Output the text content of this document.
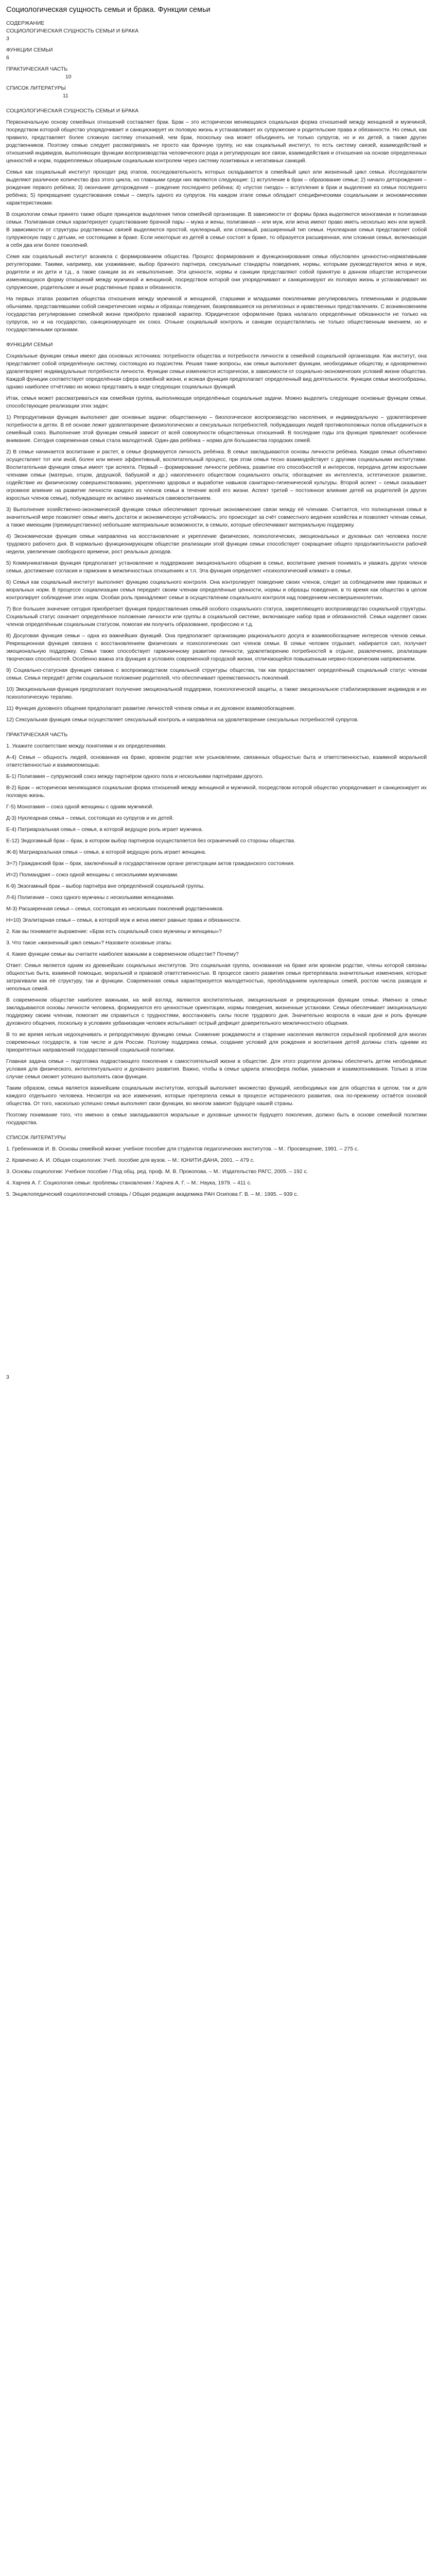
Социологическая сущность семьи и брака. Функции семьи

СОДЕРЖАНИЕ

СОЦИОЛОГИЧЕСКАЯ СУЩНОСТЬ СЕМЬИ И БРАКА

3

ФУНКЦИИ СЕМЬИ

6

ПРАКТИЧЕСКАЯ ЧАСТЬ

10

СПИСОК ЛИТЕРАТУРЫ

11

СОЦИОЛОГИЧЕСКАЯ СУЩНОСТЬ СЕМЬИ И БРАКА

Первоначальную основу семейных отношений составляет брак. Брак – это исторически меняющаяся социальная форма отношений между женщиной и мужчиной, посредством которой общество упорядочивает и санкционирует их половую жизнь и устанавливает их супружеские и родительские права и обязанности. Но семья, как правило, представляет более сложную систему отношений, чем брак, поскольку она может объединять не только супругов, но и их детей, а также других родственников. Поэтому семью следует рассматривать не просто как брачную группу, но как социальный институт, то есть систему связей, взаимодействий и отношений индивидов, выполняющих функции воспроизводства человеческого рода и регулирующих все связи, взаимодействия и отношения на основе определенных ценностей и норм, подкрепляемых обширным социальным контролем через систему позитивных и негативных санкций.

Семья как социальный институт проходит ряд этапов, последовательность которых складывается в семейный цикл или жизненный цикл семьи. Исследователи выделяют различное количество фаз этого цикла, но главными среди них являются следующие: 1) вступление в брак – образование семьи; 2) начало деторождения – рождение первого ребёнка; 3) окончание деторождения – рождение последнего ребёнка; 4) «пустое гнездо» – вступление в брак и выделение из семьи последнего ребёнка; 5) прекращение существования семьи – смерть одного из супругов. На каждом этапе семья обладает специфическими социальными и экономическими характеристиками.

В социологии семьи принято также общее принципов выделения типов семейной организации. В зависимости от формы брака выделяются моногамная и полигамная семьи. Полигамная семья характеризует существование брачной пары – мужа и жены, полигамная – или муж, или жена имеют право иметь несколько жен или мужей. В зависимости от структуры родственных связей выделяются простой, нуклеарный, или сложный, расширенный тип семьи. Нуклеарная семья представляет собой супружескую пару с детьми, не состоящими в браке. Если некоторые из детей в семье состоят в браке, то образуется расширенная, или сложная семья, включающая в себя два или более поколений.

Семя как социальный институт возникла с формированием общества. Процесс формирования и функционирования семьи обусловлен ценностно-нормативными регуляторами. Такими, например, как ухаживание, выбор брачного партнера, сексуальные стандарты поведения, нормы, которыми руководствуются жена и муж, родители и их дети и т.д., а также санкции за их невыполнение. Эти ценности, нормы и санкции представляют собой принятую в данном обществе исторически изменяющуюся форму отношений между мужчиной и женщиной, посредством которой они упорядочивают и санкционируют их половую жизнь и устанавливают их супружеские, родительские и иные родственные права и обязанности.

На первых этапах развития общества отношения между мужчиной и женщиной, старшими и младшими поколениями регулировались племенными и родовыми обычаями, представлявшими собой синкретические нормы и образцы поведения, базировавшиеся на религиозных и нравственных представлениях. С возникновением государства регулирование семейной жизни приобрело правовой характер. Юридическое оформление брака налагало определённые обязанности не только на супругов, но и на государство, санкционирующее их союз. Отныне социальный контроль и санкции осуществлялись не только общественным мнением, но и государственными органами.

ФУНКЦИИ СЕМЬИ

Социальные функции семьи имеют два основных источника: потребности общества и потребности личности в семейной социальной организации. Как институт, она представляет собой определённую систему, состоящую из подсистем. Решая такие вопросы, как семья выполняет функции, необходимые обществу, и одновременно удовлетворяет индивидуальные потребности личности. Функции семьи изменяются исторически, в зависимости от социально-экономических условий жизни общества. Каждой функции соответствует определённая сфера семейной жизни, и всякая функция предполагает определенный вид деятельности. Функции семьи многообразны, однако наиболее отчётливо их можно представить в виде следующих социальных функций.

Итак, семья может рассматриваться как семейная группа, выполняющая определённые социальные задачи. Можно выделить следующие основные функции семьи, способствующие реализации этих задач:

1) Репродуктивная функция выполняет две основные задачи: общественную – биологическое воспроизводство населения, и индивидуальную – удовлетворение потребности в детях. В её основе лежит удовлетворение физиологических и сексуальных потребностей, побуждающих людей противоположных полов объединиться в семейный союз. Выполнение этой функции семьей зависит от всей совокупности общественных отношений. В последние годы эта функция привлекает особенное внимание. Сегодня современная семья стала малодетной. Один-два ребёнка – норма для большинства городских семей.

2) В семье начинается воспитание и растет, в семье формируется личность ребёнка. В семье закладываются основы личности ребёнка. Каждая семья объективно осуществляет тот или иной, более или менее эффективный, воспитательный процесс, при этом семья тесно взаимодействует с другими социальными институтами. Воспитательная функция семьи имеет три аспекта. Первый – формирование личности ребёнка, развитие его способностей и интересов, передача детям взрослыми членами семьи (матерью, отцом, дедушкой, бабушкой и др.) накопленного обществом социального опыта; обогащение их интеллекта, эстетическое развитие, содействие их физическому совершенствованию, укреплению здоровья и выработке навыков санитарно-гигиенической культуры. Второй аспект – семья оказывает огромное влияние на развитие личности каждого из членов семьи в течение всей его жизни. Аспект третий – постоянное влияние детей на родителей (и других взрослых членов семьи), побуждающее их активно заниматься самовоспитанием.

3) Выполнение хозяйственно-экономической функции семья обеспечивает прочные экономические связи между её членами. Считается, что полноценная семья в значительной мере позволяет семье иметь достаток и экономическую устойчивость: это происходит за счёт совместного ведения хозяйства и позволяет членам семьи, а также имеющим (преимущественно) небольшие материальные возможности, в семьях, которые обеспечивают материальную поддержку.

4) Экономическая функция семьи направлена на восстановление и укрепление физических, психологических, эмоциональных и духовных сил человека после трудового рабочего дня. В нормально функционирующем обществе реализации этой функции семьи способствует сокращение общего продолжительности рабочей недели, увеличение свободного времени, рост реальных доходов.

5) Коммуникативная функция предполагает установление и поддержание эмоционального общения в семье, воспитание умения понимать и уважать других членов семьи, достижение согласия и гармонии в межличностных отношениях и т.п. Эта функция определяет «психологический климат» в семье.

6) Семья как социальный институт выполняет функцию социального контроля. Она контролирует поведение своих членов, следит за соблюдением ими правовых и моральных норм. В процессе социализации семья передаёт своим членам определённые ценности, нормы и образцы поведения, в то время как общество в целом контролирует соблюдение этих норм. Особая роль принадлежит семье в осуществлении социального контроля над поведением несовершеннолетних.

7) Все большее значение сегодня приобретает функция предоставления семьёй особого социального статуса, закрепляющего воспроизводство социальной структуры. Социальный статус означает определённое положение личности или группы в социальной системе, включающее набор прав и обязанностей. Семья наделяет своих членов определённым социальным статусом, помогая им получить образование, профессию и т.д.

8) Досуговая функция семьи – одна из важнейших функций. Она предполагает организацию рационального досуга и взаимообогащение интересов членов семьи. Рекреационная функция связана с восстановлением физических и психологических сил членов семьи. В семье человек отдыхает, набирается сил, получает эмоциональную поддержку. Семья также способствует гармоничному развитию личности, удовлетворению потребностей в отдыхе, развлечениях, реализации творческих способностей. Особенно важна эта функция в условиях современной городской жизни, отличающейся повышенным нервно-психическим напряжением.

9) Социально-статусная функция связана с воспроизводством социальной структуры общества, так как предоставляет определённый социальный статус членам семьи. Семья передаёт детям социальное положение родителей, что обеспечивает преемственность поколений.

10) Эмоциональная функция предполагает получение эмоциональной поддержки, психологической защиты, а также эмоциональное стабилизирование индивидов и их психологическую терапию.

11) Функция духовного общения предполагает развитие личностей членов семьи и их духовное взаимообогащение.

12) Сексуальная функция семьи осуществляет сексуальный контроль и направлена на удовлетворение сексуальных потребностей супругов.

ПРАКТИЧЕСКАЯ ЧАСТЬ

1. Укажите соответствие между понятиями и их определениями.

А-4) Семья – общность людей, основанная на браке, кровном родстве или усыновлении, связанных общностью быта и ответственностью, взаимной моральной ответственностью и взаимопомощью.

Б-1) Полигамия – супружеский союз между партнёром одного пола и несколькими партнёрами другого.

В-2) Брак – исторически меняющаяся социальная форма отношений между женщиной и мужчиной, посредством которой общество упорядочивает и санкционирует их половую жизнь.

Г-5) Моногамия – союз одной женщины с одним мужчиной.

Д-3) Нуклеарная семья – семья, состоящая из супругов и их детей.

Е-4) Патриархальная семья – семья, в которой ведущую роль играет мужчина.

Е-12) Эндогамный брак – брак, в котором выбор партнеров осуществляется без ограничений со стороны общества.

Ж-8) Матриархальная семья – семья, в которой ведущую роль играет женщина.

З=7) Гражданский брак – брак, заключённый в государственном органе регистрации актов гражданского состояния.

И=2) Полиандрия – союз одной женщины с несколькими мужчинами.

К-9) Экзогамный брак – выбор партнёра вне определённой социальной группы.

Л-6) Полигиния – союз одного мужчины с несколькими женщинами.

М-3) Расширенная семья – семья, состоящая из нескольких поколений родственников.

Н=10) Эгалитарная семья – семья, в которой муж и жена имеют равные права и обязанности.

2. Как вы понимаете выражение: «Брак есть социальный союз мужчины и женщины»?

3. Что такое «жизненный цикл семьи»? Назовите основные этапы.

4. Какие функции семьи вы считаете наиболее важными в современном обществе? Почему?

Ответ: Семья является одним из древнейших социальных институтов. Это социальная группа, основанная на браке или кровном родстве, члены которой связаны общностью быта, взаимной помощью, моральной и правовой ответственностью. В процессе своего развития семья претерпевала значительные изменения, которые затрагивали как её структуру, так и функции. Современная семья характеризуется малодетностью, преобладанием нуклеарных семей, ростом числа разводов и неполных семей.

В современном обществе наиболее важными, на мой взгляд, являются воспитательная, эмоциональная и рекреационная функции семьи. Именно в семье закладываются основы личности человека, формируются его ценностные ориентации, нормы поведения, жизненные установки. Семья обеспечивает эмоциональную поддержку своим членам, помогает им справиться с трудностями, восстановить силы после трудового дня. Значительно возросла в наши дни и роль функции духовного общения, поскольку в условиях урбанизации человек испытывает острый дефицит доверительного межличностного общения.

В то же время нельзя недооценивать и репродуктивную функцию семьи. Снижение рождаемости и старение населения являются серьёзной проблемой для многих современных государств, в том числе и для России. Поэтому поддержка семьи, создание условий для рождения и воспитания детей должны стать одними из приоритетных направлений государственной социальной политики.

Главная задача семьи – подготовка подрастающего поколения к самостоятельной жизни в обществе. Для этого родители должны обеспечить детям необходимые условия для физического, интеллектуального и духовного развития. Важно, чтобы в семье царила атмосфера любви, уважения и взаимопонимания. Только в этом случае семья сможет успешно выполнять свои функции.

Таким образом, семья является важнейшим социальным институтом, который выполняет множество функций, необходимых как для общества в целом, так и для каждого отдельного человека. Несмотря на все изменения, которые претерпела семья в процессе исторического развития, она по-прежнему остаётся основой общества. От того, насколько успешно семья выполняет свои функции, во многом зависит будущее нашей страны.

Поэтому понимание того, что именно в семье закладываются моральные и духовные ценности будущего поколения, должно быть в основе семейной политики государства.

СПИСОК ЛИТЕРАТУРЫ

1. Гребенников И. В. Основы семейной жизни: учебное пособие для студентов педагогических институтов. – М.: Просвещение, 1991. – 275 с.

2. Кравченко А. И. Общая социология: Учеб. пособие для вузов. – М.: ЮНИТИ-ДАНА, 2001. – 479 с.

3. Основы социологии: Учебное пособие / Под общ. ред. проф. М. В. Прокопова. – М.: Издательство РАГС, 2005. – 192 с.

4. Харчев А. Г. Социология семьи: проблемы становления / Харчев А. Г. – М.: Наука, 1979. – 411 с.

5. Энциклопедический социологический словарь / Общая редакция академика РАН Осипова Г. В. – М.: 1995. – 939 с.

3
